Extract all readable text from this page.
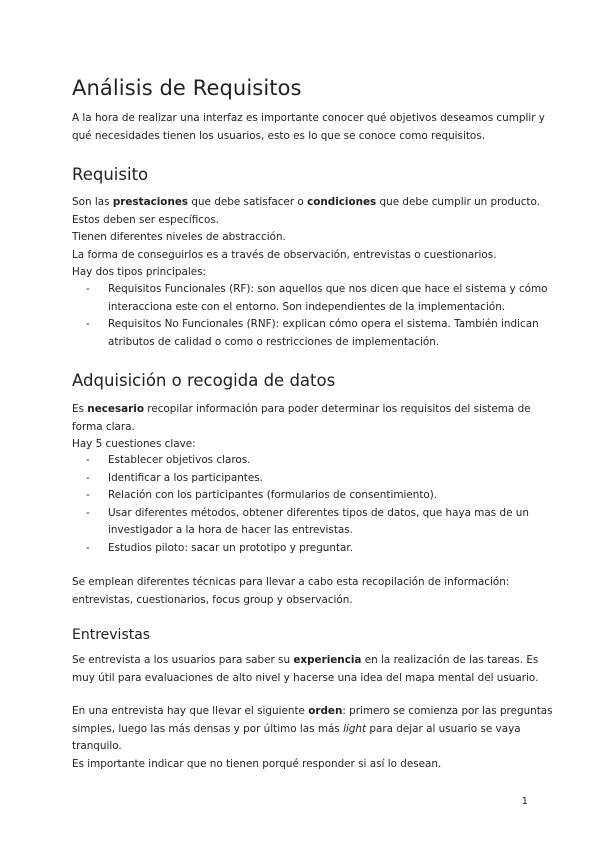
Análisis de Requisitos

A la hora de realizar una interfaz es importante conocer qué objetivos deseamos cumplir y
qué necesidades tienen los usuarios, esto es lo que se conoce como requisitos.

Requisito

Son las prestaciones que debe satisfacer o condiciones que debe cumplir un producto.
Estos deben ser específicos.
Tienen diferentes niveles de abstracción.
La forma de conseguirlos es a través de observación, entrevistas o cuestionarios.
Hay dos tipos principales:

- Requisitos Funcionales (RF): son aquellos que nos dicen que hace el sistema y cómo
interacciona este con el entorno. Son independientes de la implementación.
- Requisitos No Funcionales (RNF): explican cómo opera el sistema. También indican
atributos de calidad o como o restricciones de implementación.
Adquisición o recogida de datos

Es necesario recopilar información para poder determinar los requisitos del sistema de
forma clara.
Hay 5 cuestiones clave:

- Establecer objetivos claros.
- Identificar a los participantes.
- Relación con los participantes (formularios de consentimiento).
- Usar diferentes métodos, obtener diferentes tipos de datos, que haya mas de un
investigador a la hora de hacer las entrevistas.
- Estudios piloto: sacar un prototipo y preguntar.

Se emplean diferentes técnicas para llevar a cabo esta recopilación de información:
entrevistas, cuestionarios, focus group y observación.

Entrevistas

Se entrevista a los usuarios para saber su experiencia en la realización de las tareas. Es
muy útil para evaluaciones de alto nivel y hacerse una idea del mapa mental del usuario.

En una entrevista hay que llevar el siguiente orden: primero se comienza por las preguntas
simples, luego las más densas y por último las más light para dejar al usuario se vaya
tranquilo.
Es importante indicar que no tienen porqué responder si así lo desean.

1
